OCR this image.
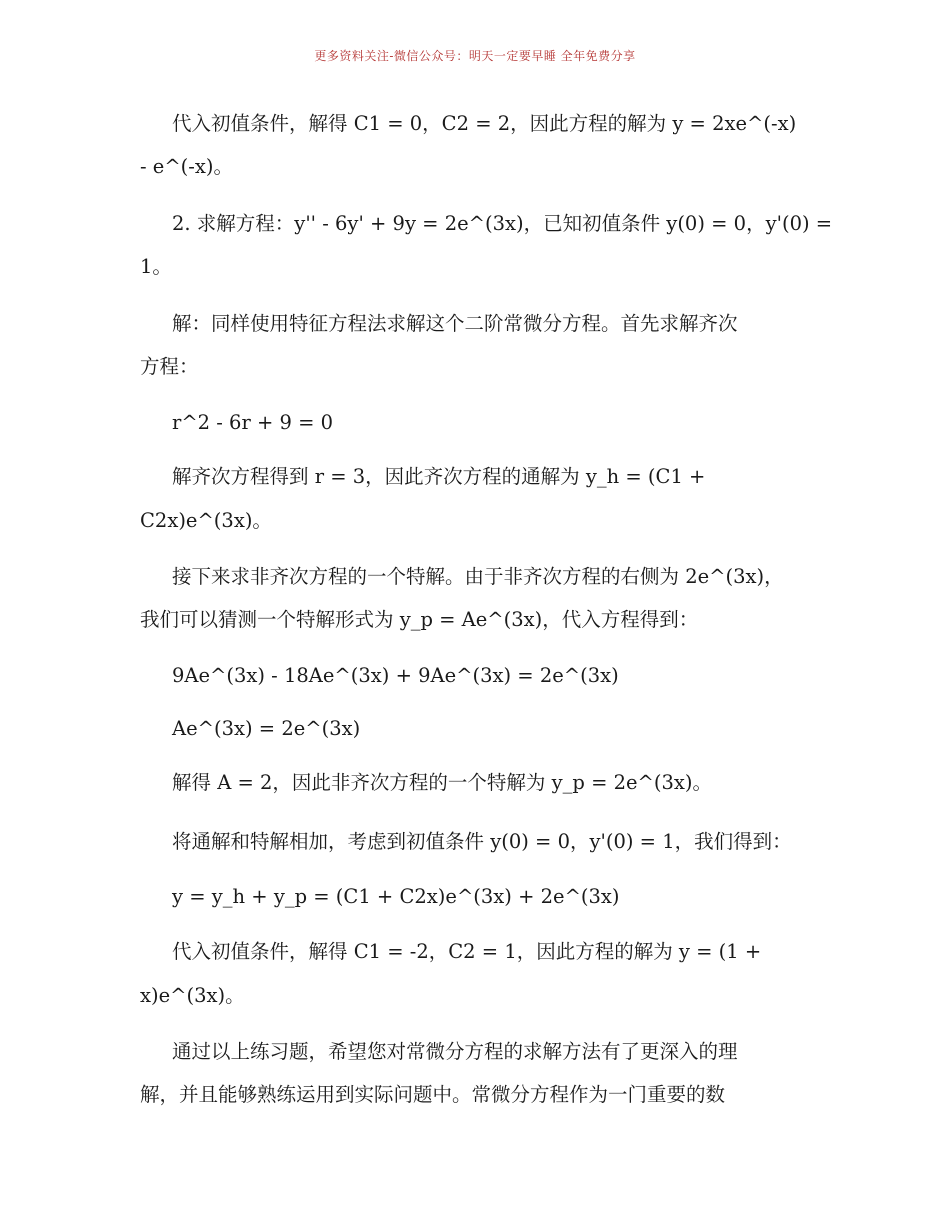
更多资料关注-微信公众号：明天一定要早睡 全年免费分享
代入初值条件，解得 C1 = 0，C2 = 2，因此方程的解为 y = 2xe^(-x)
- e^(-x)。
2. 求解方程：y'' - 6y' + 9y = 2e^(3x)，已知初值条件 y(0) = 0，y'(0) =
1。
解：同样使用特征方程法求解这个二阶常微分方程。首先求解齐次
方程：
r^2 - 6r + 9 = 0
解齐次方程得到 r = 3，因此齐次方程的通解为 y_h = (C1 +
C2x)e^(3x)。
接下来求非齐次方程的一个特解。由于非齐次方程的右侧为 2e^(3x)，
我们可以猜测一个特解形式为 y_p = Ae^(3x)，代入方程得到：
9Ae^(3x) - 18Ae^(3x) + 9Ae^(3x) = 2e^(3x)
Ae^(3x) = 2e^(3x)
解得 A = 2，因此非齐次方程的一个特解为 y_p = 2e^(3x)。
将通解和特解相加，考虑到初值条件 y(0) = 0，y'(0) = 1，我们得到：
y = y_h + y_p = (C1 + C2x)e^(3x) + 2e^(3x)
代入初值条件，解得 C1 = -2，C2 = 1，因此方程的解为 y = (1 +
x)e^(3x)。
通过以上练习题，希望您对常微分方程的求解方法有了更深入的理
解，并且能够熟练运用到实际问题中。常微分方程作为一门重要的数
